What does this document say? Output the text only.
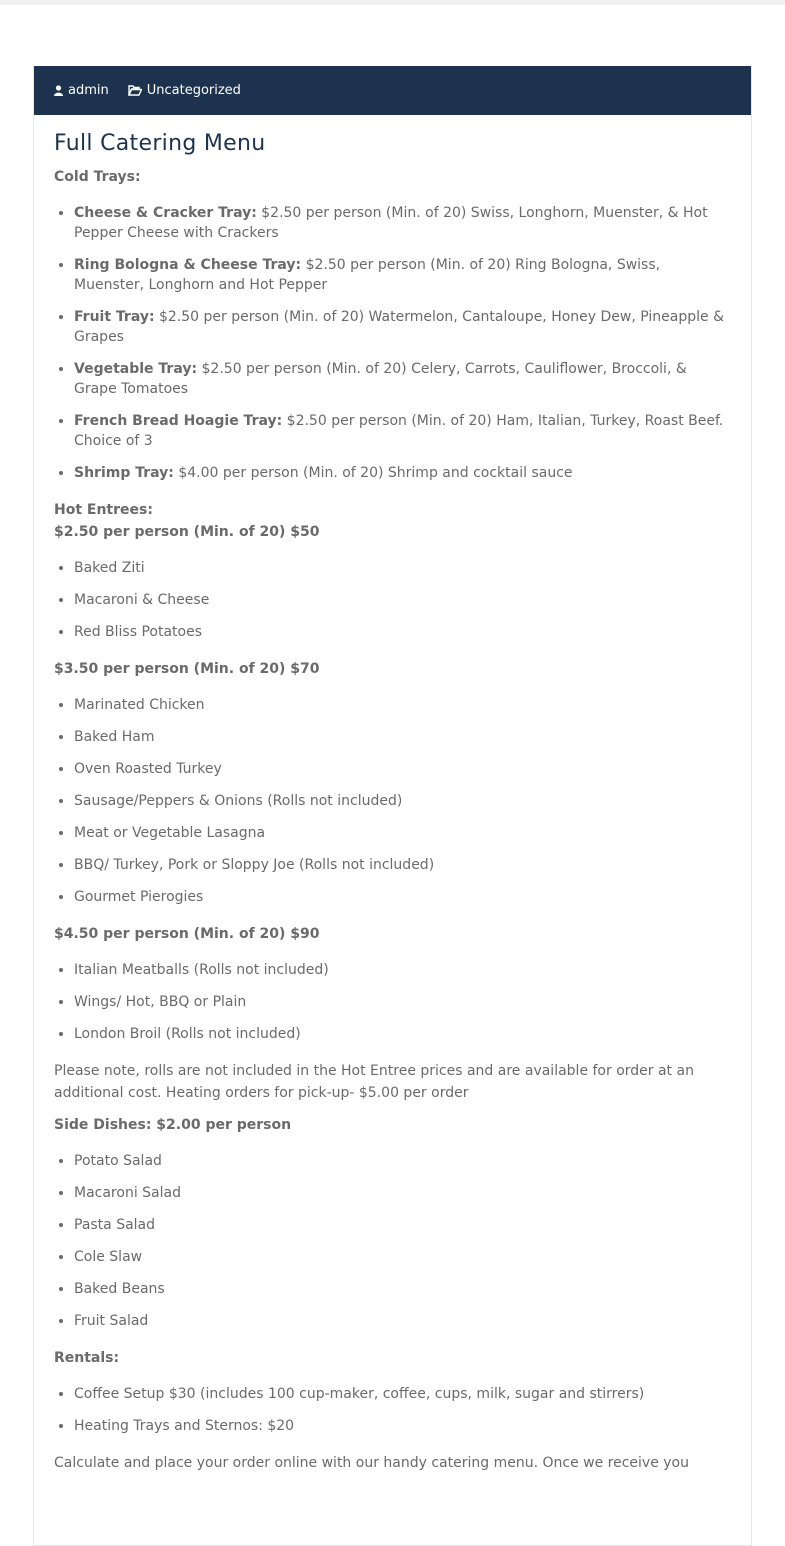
admin	Uncategorized
Full Catering Menu

Cold Trays:

• Cheese & Cracker Tray: $2.50 per person (Min. of 20) Swiss, Longhorn, Muenster, & Hot Pepper Cheese with Crackers
• Ring Bologna & Cheese Tray: $2.50 per person (Min. of 20) Ring Bologna, Swiss, Muenster, Longhorn and Hot Pepper
• Fruit Tray: $2.50 per person (Min. of 20) Watermelon, Cantaloupe, Honey Dew, Pineapple & Grapes
• Vegetable Tray: $2.50 per person (Min. of 20) Celery, Carrots, Cauliflower, Broccoli, & Grape Tomatoes
• French Bread Hoagie Tray: $2.50 per person (Min. of 20) Ham, Italian, Turkey, Roast Beef. Choice of 3
• Shrimp Tray: $4.00 per person (Min. of 20) Shrimp and cocktail sauce

Hot Entrees:

$2.50 per person (Min. of 20) $50

• Baked Ziti
• Macaroni & Cheese
• Red Bliss Potatoes

$3.50 per person (Min. of 20) $70

• Marinated Chicken
• Baked Ham
• Oven Roasted Turkey
• Sausage/Peppers & Onions (Rolls not included)
• Meat or Vegetable Lasagna
• BBQ/ Turkey, Pork or Sloppy Joe (Rolls not included)
• Gourmet Pierogies

$4.50 per person (Min. of 20) $90

• Italian Meatballs (Rolls not included)
• Wings/ Hot, BBQ or Plain
• London Broil (Rolls not included)

Please note, rolls are not included in the Hot Entree prices and are available for order at an additional cost. Heating orders for pick-up- $5.00 per order

Side Dishes: $2.00 per person

• Potato Salad
• Macaroni Salad
• Pasta Salad
• Cole Slaw
• Baked Beans
• Fruit Salad

Rentals:

• Coffee Setup $30 (includes 100 cup-maker, coffee, cups, milk, sugar and stirrers)
• Heating Trays and Sternos: $20

Calculate and place your order online with our handy catering menu. Once we receive you
